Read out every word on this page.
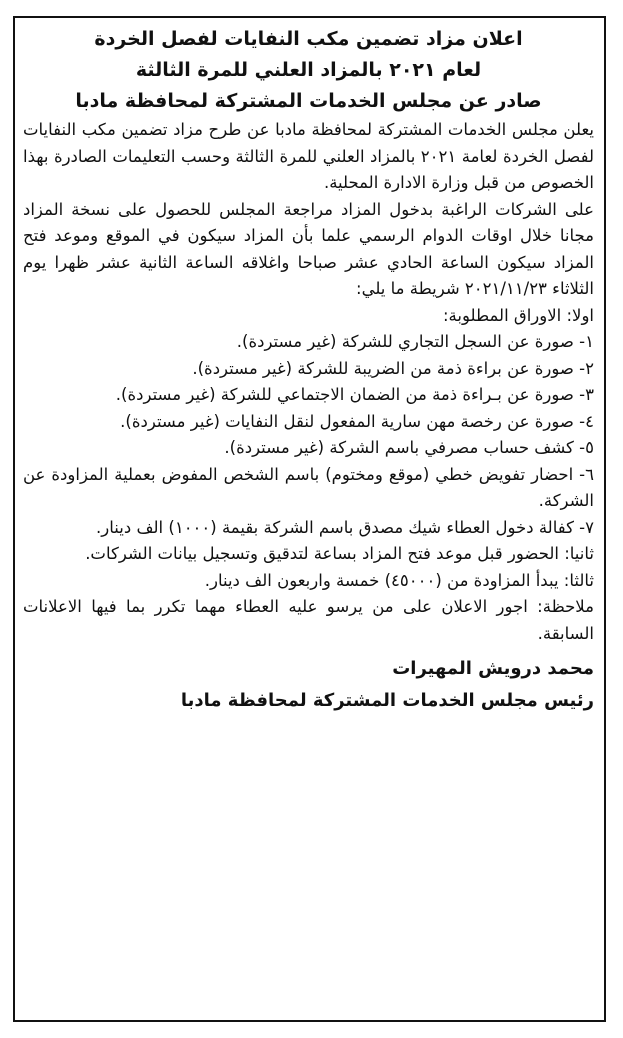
اعلان مزاد تضمين مكب النفايات لفصل الخردة

لعام ٢٠٢١ بالمزاد العلني للمرة الثالثة

صادر عن مجلس الخدمات المشتركة لمحافظة مادبا

يعلن مجلس الخدمات المشتركة لمحافظة مادبا عن طرح مزاد تضمين مكب النفايات لفصل الخردة لعامة ٢٠٢١ بالمزاد العلني للمرة الثالثة وحسب التعليمات الصادرة بهذا الخصوص من قبل وزارة الادارة المحلية.

على الشركات الراغبة بدخول المزاد مراجعة المجلس للحصول على نسخة المزاد مجانا خلال اوقات الدوام الرسمي علما بأن المزاد سيكون في الموقع وموعد فتح المزاد سيكون الساعة الحادي عشر صباحا واغلاقه الساعة الثانية عشر ظهرا يوم الثلاثاء ٢٠٢١/١١/٢٣ شريطة ما يلي:

اولا: الاوراق المطلوبة:

١- صورة عن السجل التجاري للشركة (غير مستردة).

٢- صورة عن براءة ذمة من الضريبة للشركة (غير مستردة).

٣- صورة عن بـراءة ذمة من الضمان الاجتماعي للشركة (غير مستردة).

٤- صورة عن رخصة مهن سارية المفعول لنقل النفايات (غير مستردة).

٥- كشف حساب مصرفي باسم الشركة (غير مستردة).

٦- احضار تفويض خطي (موقع ومختوم) باسم الشخص المفوض بعملية المزاودة عن الشركة.

٧- كفالة دخول العطاء شيك مصدق باسم الشركة بقيمة (١٠٠٠) الف دينار.

ثانيا: الحضور قبل موعد فتح المزاد بساعة لتدقيق وتسجيل بيانات الشركات.

ثالثا: يبدأ المزاودة من (٤٥٠٠٠) خمسة واربعون الف دينار.

ملاحظة: اجور الاعلان على من يرسو عليه العطاء مهما تكرر بما فيها الاعلانات السابقة.

محمد درويش المهيرات

رئيس مجلس الخدمات المشتركة لمحافظة مادبا
